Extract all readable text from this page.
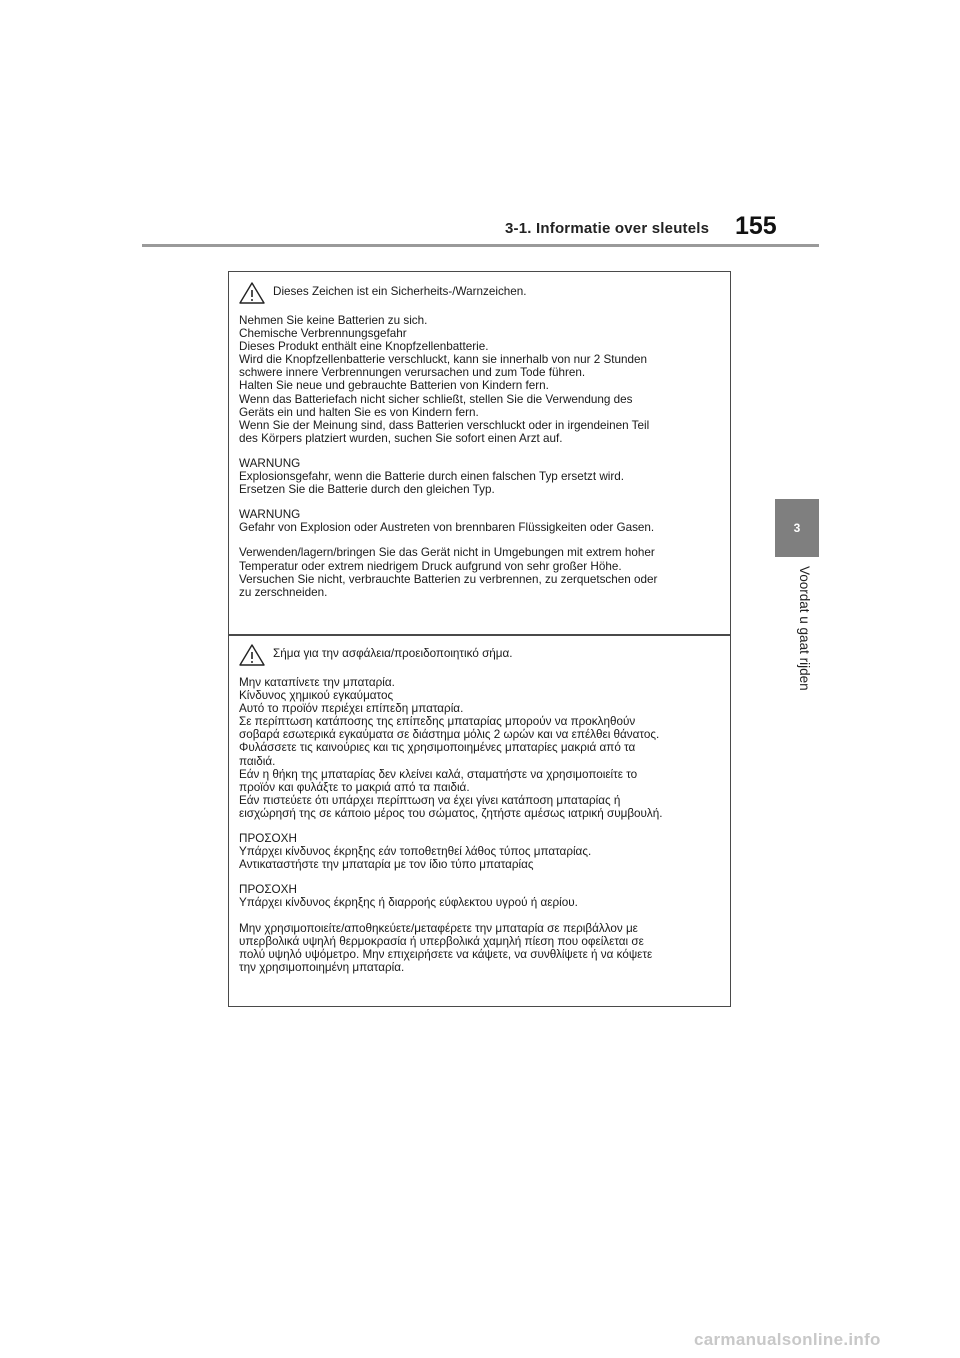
3-1. Informatie over sleutels 155
3
Voordat u gaat rijden
Dieses Zeichen ist ein Sicherheits-/Warnzeichen.
Nehmen Sie keine Batterien zu sich.
Chemische Verbrennungsgefahr
Dieses Produkt enthält eine Knopfzellenbatterie.
Wird die Knopfzellenbatterie verschluckt, kann sie innerhalb von nur 2 Stunden
schwere innere Verbrennungen verursachen und zum Tode führen.
Halten Sie neue und gebrauchte Batterien von Kindern fern.
Wenn das Batteriefach nicht sicher schließt, stellen Sie die Verwendung des
Geräts ein und halten Sie es von Kindern fern.
Wenn Sie der Meinung sind, dass Batterien verschluckt oder in irgendeinen Teil
des Körpers platziert wurden, suchen Sie sofort einen Arzt auf.
WARNUNG
Explosionsgefahr, wenn die Batterie durch einen falschen Typ ersetzt wird.
Ersetzen Sie die Batterie durch den gleichen Typ.
WARNUNG
Gefahr von Explosion oder Austreten von brennbaren Flüssigkeiten oder Gasen.
Verwenden/lagern/bringen Sie das Gerät nicht in Umgebungen mit extrem hoher
Temperatur oder extrem niedrigem Druck aufgrund von sehr großer Höhe.
Versuchen Sie nicht, verbrauchte Batterien zu verbrennen, zu zerquetschen oder
zu zerschneiden.
Σήμα για την ασφάλεια/προειδοποιητικό σήμα.
Μην καταπίνετε την μπαταρία.
Κίνδυνος χημικού εγκαύματος
Αυτό το προϊόν περιέχει επίπεδη μπαταρία.
Σε περίπτωση κατάποσης της επίπεδης μπαταρίας μπορούν να προκληθούν
σοβαρά εσωτερικά εγκαύματα σε διάστημα μόλις 2 ωρών και να επέλθει θάνατος.
Φυλάσσετε τις καινούριες και τις χρησιμοποιημένες μπαταρίες μακριά από τα
παιδιά.
Εάν η θήκη της μπαταρίας δεν κλείνει καλά, σταματήστε να χρησιμοποιείτε το
προϊόν και φυλάξτε το μακριά από τα παιδιά.
Εάν πιστεύετε ότι υπάρχει περίπτωση να έχει γίνει κατάποση μπαταρίας ή
εισχώρησή της σε κάποιο μέρος του σώματος, ζητήστε αμέσως ιατρική συμβουλή.
ΠΡΟΣΟΧΗ
Υπάρχει κίνδυνος έκρηξης εάν τοποθετηθεί λάθος τύπος μπαταρίας.
Αντικαταστήστε την μπαταρία με τον ίδιο τύπο μπαταρίας
ΠΡΟΣΟΧΗ
Υπάρχει κίνδυνος έκρηξης ή διαρροής εύφλεκτου υγρού ή αερίου.
Μην χρησιμοποιείτε/αποθηκεύετε/μεταφέρετε την μπαταρία σε περιβάλλον με
υπερβολικά υψηλή θερμοκρασία ή υπερβολικά χαμηλή πίεση που οφείλεται σε
πολύ υψηλό υψόμετρο. Μην επιχειρήσετε να κάψετε, να συνθλίψετε ή να κόψετε
την χρησιμοποιημένη μπαταρία.
carmanualsonline.info
